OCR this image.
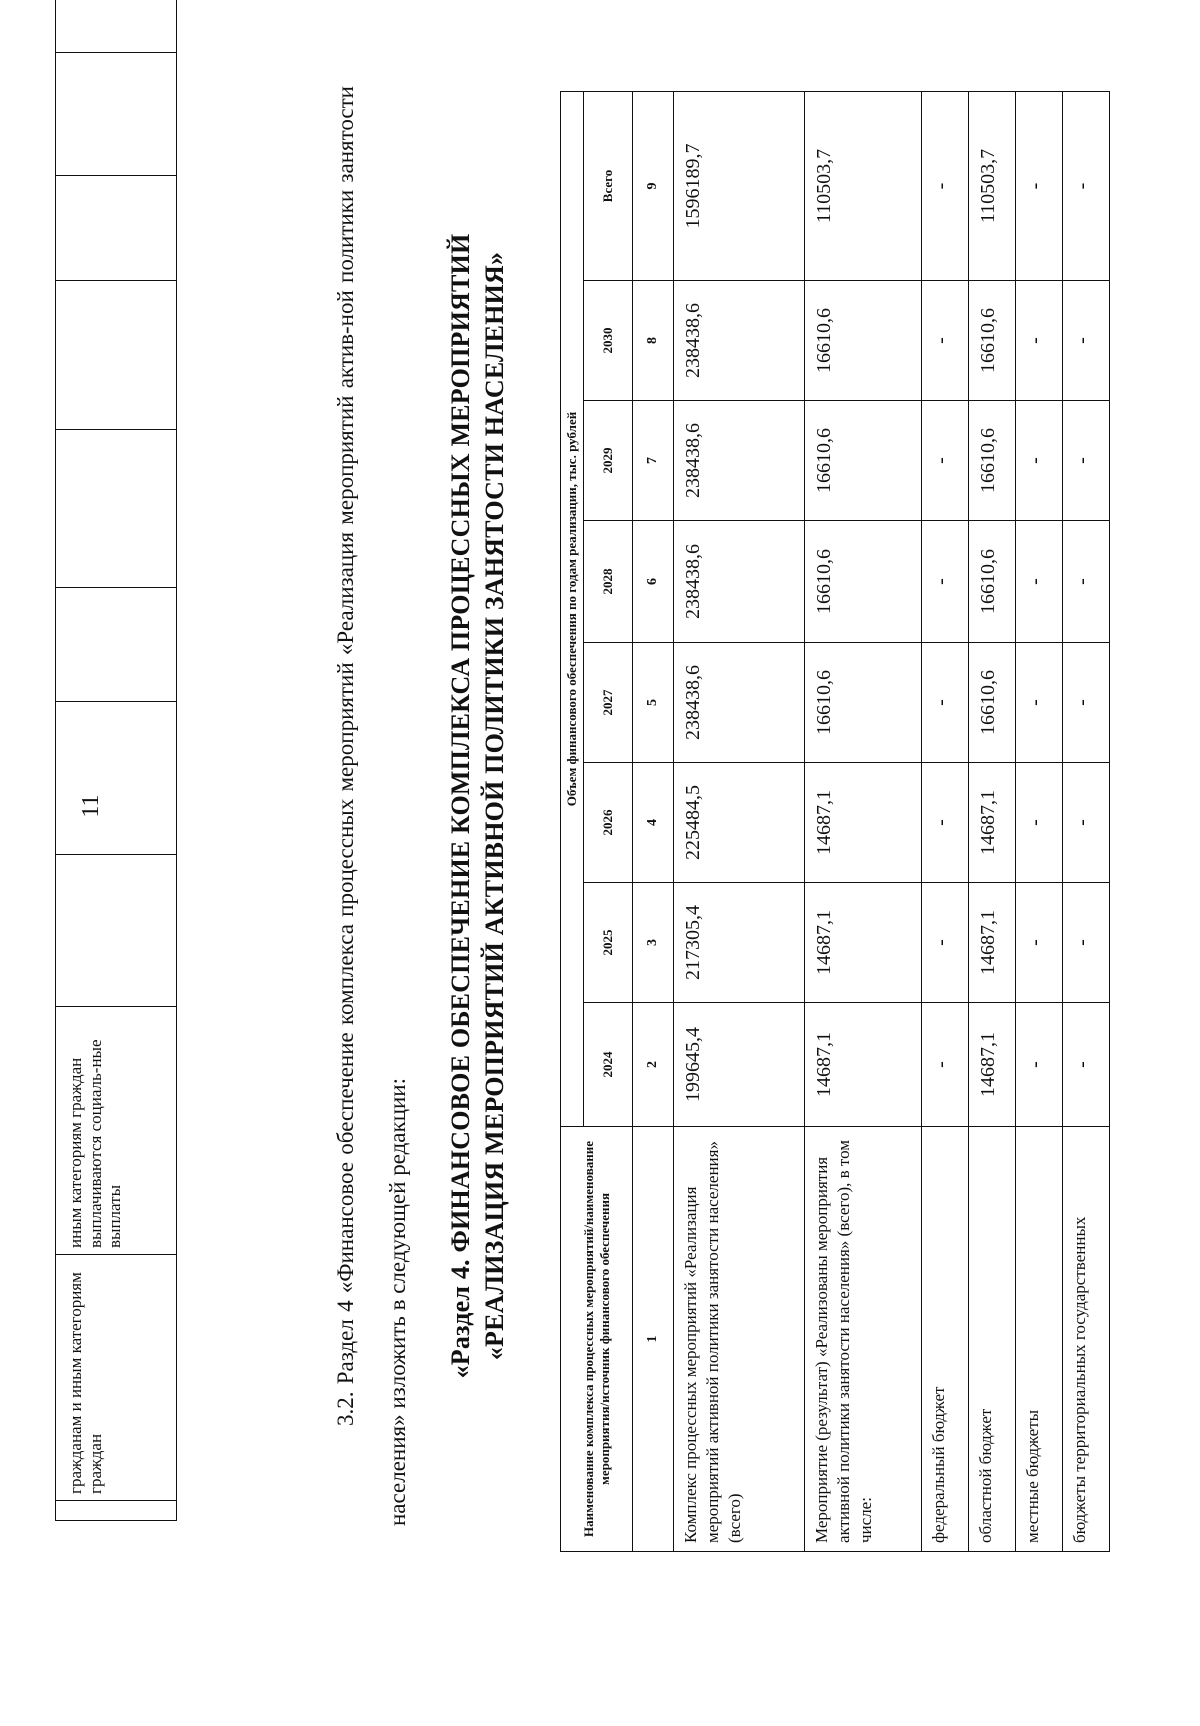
11
	гражданам и иным категориям граждан	иным категориям граждан выплачиваются социаль-ные выплаты									3.2. Раздел 4 «Финансовое обеспечение комплекса процессных мероприятий «Реализация мероприятий актив-ной политики занятости населения» изложить в следующей редакции:	«Раздел 4. ФИНАНСОВОЕ ОБЕСПЕЧЕНИЕ КОМПЛЕКСА ПРОЦЕССНЫХ МЕРОПРИЯТИЙ «РЕАЛИЗАЦИЯ МЕРОПРИЯТИЙ АКТИВНОЙ ПОЛИТИКИ ЗАНЯТОСТИ НАСЕЛЕНИЯ»	Наименование комплекса процессных мероприятий/наименование мероприятия/источник финансового обеспечения	Объем финансового обеспечения по годам реализации, тыс. рублей							
	2024	2025	2026	2027	2028	2029	2030	Всего
1	2	3	4	5	6	7	8	9
Комплекс процессных мероприятий «Реализация мероприятий активной политики занятости населения» (всего)	199645,4	217305,4	225484,5	238438,6	238438,6	238438,6	238438,6	1596189,7
Мероприятие (результат) «Реализованы мероприятия активной политики занятости населения» (всего), в том числе:	14687,1	14687,1	14687,1	16610,6	16610,6	16610,6	16610,6	110503,7
федеральный бюджет	-	-	-	-	-	-	-	-
областной бюджет	14687,1	14687,1	14687,1	16610,6	16610,6	16610,6	16610,6	110503,7
местные бюджеты	-	-	-	-	-	-	-	-
бюджеты территориальных государственных	-	-	-	-	-	-	-	-
